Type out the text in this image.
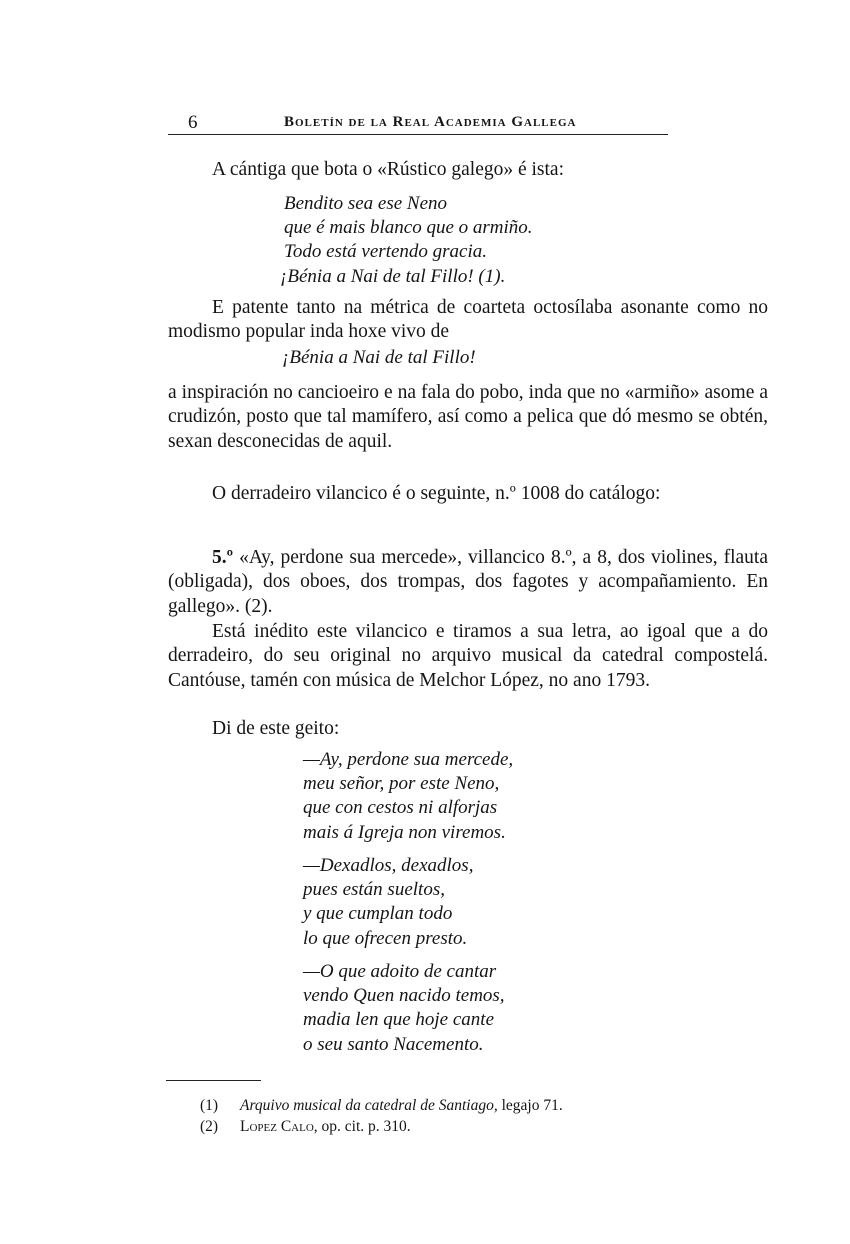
6	Boletín de la Real Academia Gallega

A cántiga que bota o «Rústico galego» é ista:

Bendito sea ese Neno
que é mais blanco que o armiño.
Todo está vertendo gracia.
¡Bénia a Nai de tal Fillo! (1).

E patente tanto na métrica de coarteta octosílaba asonante como no modismo popular inda hoxe vivo de

¡Bénia a Nai de tal Fillo!

a inspiración no cancioeiro e na fala do pobo, inda que no «armiño» asome a crudizón, posto que tal mamífero, así como a pelica que dó mesmo se obtén, sexan desconecidas de aquil.

O derradeiro vilancico é o seguinte, n.º 1008 do catálogo:

5.º «Ay, perdone sua mercede», villancico 8.º, a 8, dos violines, flauta (obligada), dos oboes, dos trompas, dos fagotes y acompañamiento. En gallego». (2).

Está inédito este vilancico e tiramos a sua letra, ao igoal que a do derradeiro, do seu original no arquivo musical da catedral compostelá. Cantóuse, tamén con música de Melchor López, no ano 1793.

Di de este geito:

—Ay, perdone sua mercede,
meu señor, por este Neno,
que con cestos ni alforjas
mais á Igreja non viremos.
—Dexadlos, dexadlos,
pues están sueltos,
y que cumplan todo
lo que ofrecen presto.
—O que adoito de cantar
vendo Quen nacido temos,
madia len que hoje cante
o seu santo Nacemento.
(1) Arquivo musical da catedral de Santiago, legajo 71.
(2) Lopez Calo, op. cit. p. 310.
